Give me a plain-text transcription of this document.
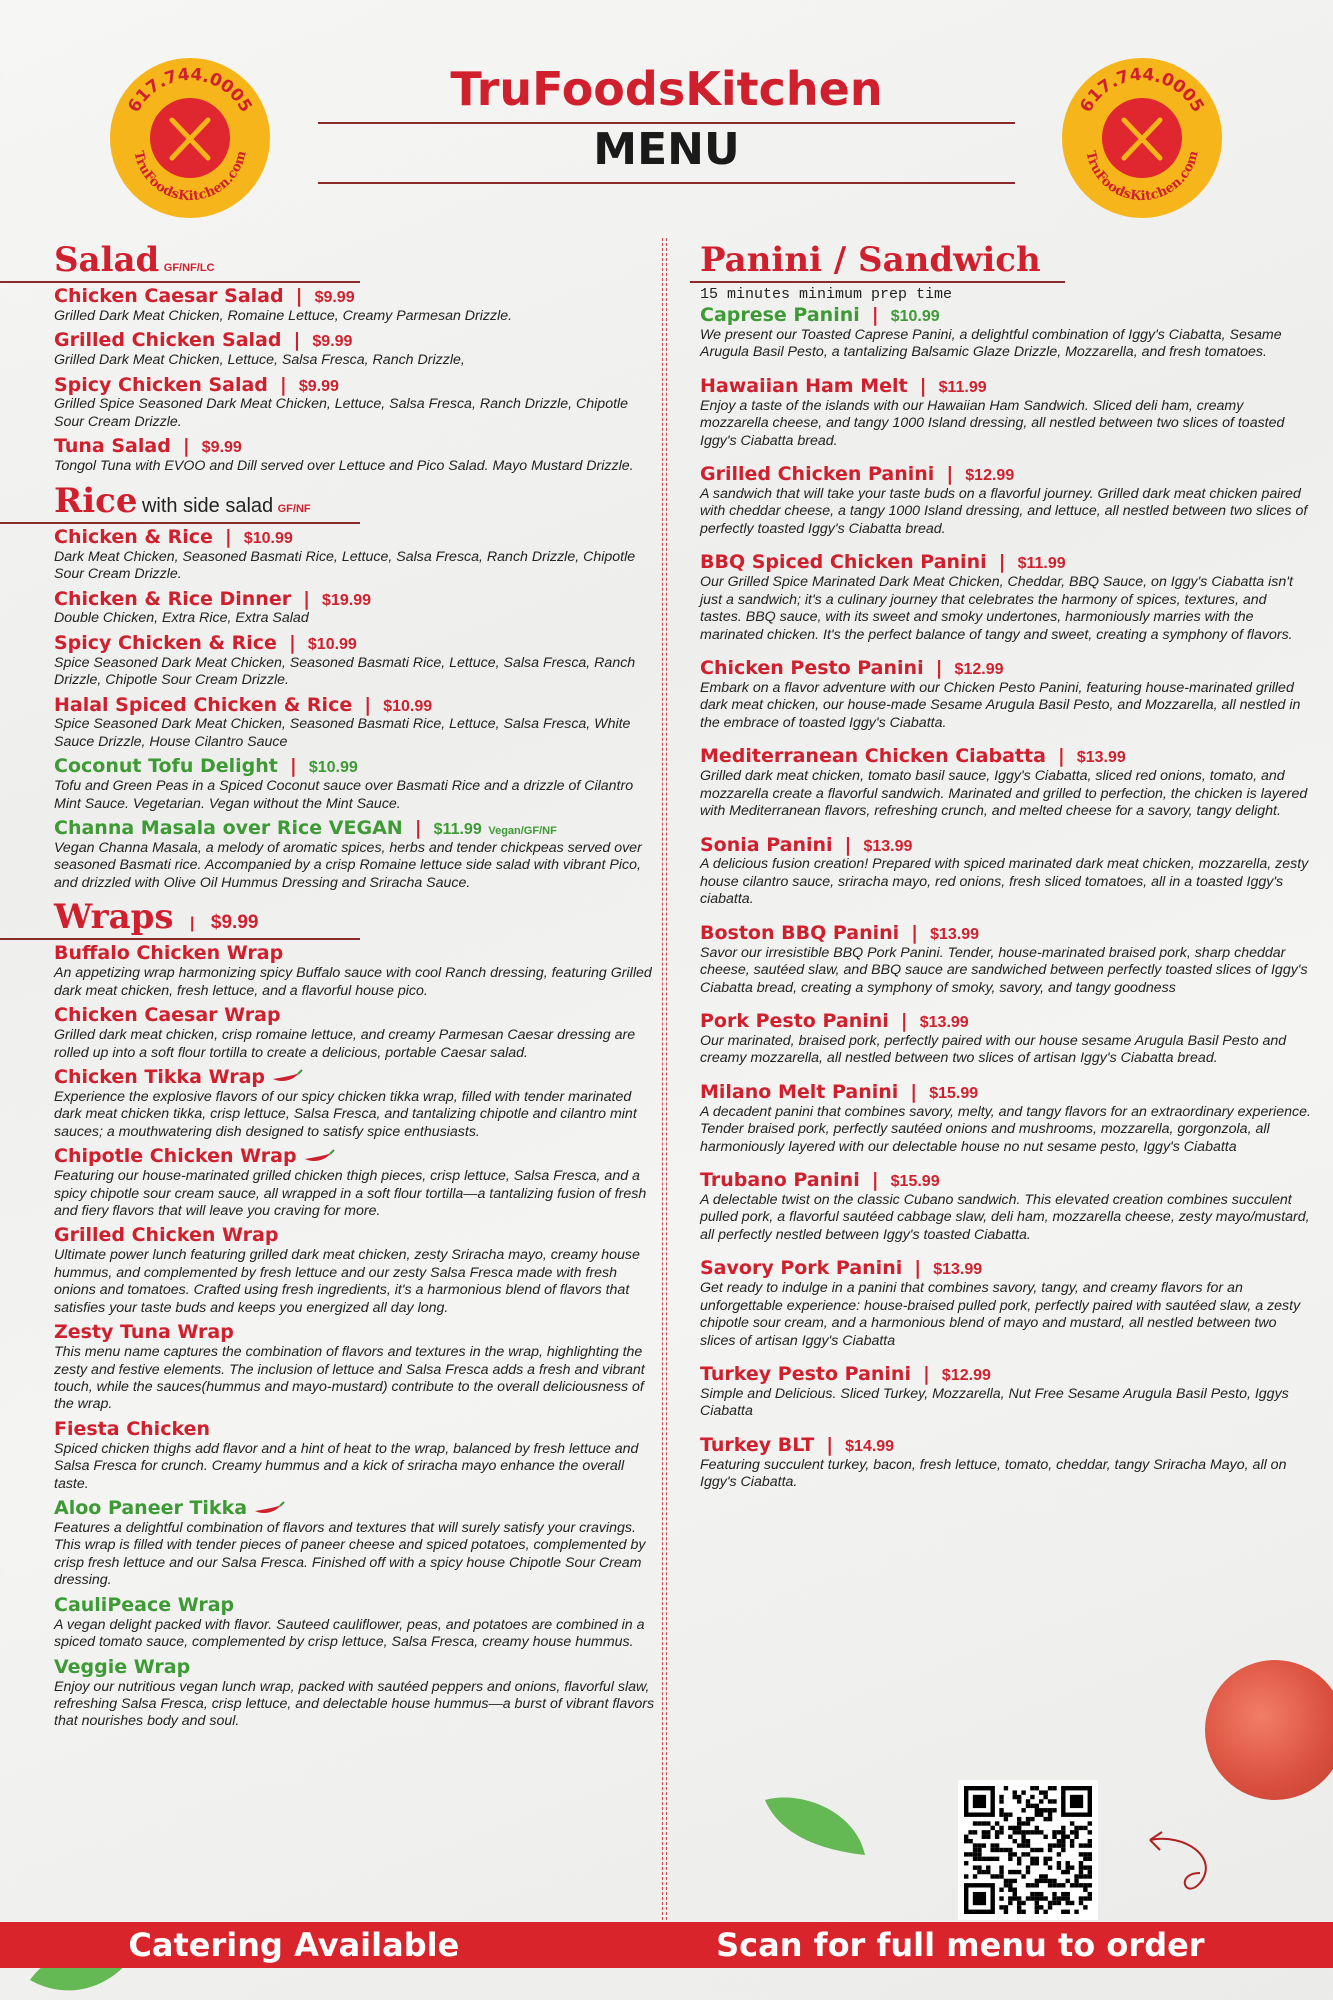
617.744.0005
TruFoodsKitchen.com
617.744.0005
TruFoodsKitchen.com
TruFoodsKitchen
MENU
Salad GF/NF/LC
Chicken Caesar Salad | $9.99
Grilled Dark Meat Chicken, Romaine Lettuce, Creamy Parmesan Drizzle.
Grilled Chicken Salad | $9.99
Grilled Dark Meat Chicken, Lettuce, Salsa Fresca, Ranch Drizzle,
Spicy Chicken Salad | $9.99
Grilled Spice Seasoned Dark Meat Chicken, Lettuce, Salsa Fresca, Ranch Drizzle, Chipotle Sour Cream Drizzle.
Tuna Salad | $9.99
Tongol Tuna with EVOO and Dill served over Lettuce and Pico Salad. Mayo Mustard Drizzle.
Rice with side salad GF/NF
Chicken & Rice | $10.99
Dark Meat Chicken, Seasoned Basmati Rice, Lettuce, Salsa Fresca, Ranch Drizzle, Chipotle Sour Cream Drizzle.
Chicken & Rice Dinner | $19.99
Double Chicken, Extra Rice, Extra Salad
Spicy Chicken & Rice | $10.99
Spice Seasoned Dark Meat Chicken, Seasoned Basmati Rice, Lettuce, Salsa Fresca, Ranch Drizzle, Chipotle Sour Cream Drizzle.
Halal Spiced Chicken & Rice | $10.99
Spice Seasoned Dark Meat Chicken, Seasoned Basmati Rice, Lettuce, Salsa Fresca, White Sauce Drizzle, House Cilantro Sauce
Coconut Tofu Delight | $10.99
Tofu and Green Peas in a Spiced Coconut sauce over Basmati Rice and a drizzle of Cilantro Mint Sauce. Vegetarian. Vegan without the Mint Sauce.
Channa Masala over Rice VEGAN | $11.99 Vegan/GF/NF
Vegan Channa Masala, a melody of aromatic spices, herbs and tender chickpeas served over seasoned Basmati rice. Accompanied by a crisp Romaine lettuce side salad with vibrant Pico, and drizzled with Olive Oil Hummus Dressing and Sriracha Sauce.
Wraps | $9.99
Buffalo Chicken Wrap
An appetizing wrap harmonizing spicy Buffalo sauce with cool Ranch dressing, featuring Grilled dark meat chicken, fresh lettuce, and a flavorful house pico.
Chicken Caesar Wrap
Grilled dark meat chicken, crisp romaine lettuce, and creamy Parmesan Caesar dressing are rolled up into a soft flour tortilla to create a delicious, portable Caesar salad.
Chicken Tikka Wrap
Experience the explosive flavors of our spicy chicken tikka wrap, filled with tender marinated dark meat chicken tikka, crisp lettuce, Salsa Fresca, and tantalizing chipotle and cilantro mint sauces; a mouthwatering dish designed to satisfy spice enthusiasts.
Chipotle Chicken Wrap
Featuring our house-marinated grilled chicken thigh pieces, crisp lettuce, Salsa Fresca, and a spicy chipotle sour cream sauce, all wrapped in a soft flour tortilla—a tantalizing fusion of fresh and fiery flavors that will leave you craving for more.
Grilled Chicken Wrap
Ultimate power lunch featuring grilled dark meat chicken, zesty Sriracha mayo, creamy house hummus, and complemented by fresh lettuce and our zesty Salsa Fresca made with fresh onions and tomatoes. Crafted using fresh ingredients, it's a harmonious blend of flavors that satisfies your taste buds and keeps you energized all day long.
Zesty Tuna Wrap
This menu name captures the combination of flavors and textures in the wrap, highlighting the zesty and festive elements. The inclusion of lettuce and Salsa Fresca adds a fresh and vibrant touch, while the sauces(hummus and mayo-mustard) contribute to the overall deliciousness of the wrap.
Fiesta Chicken
Spiced chicken thighs add flavor and a hint of heat to the wrap, balanced by fresh lettuce and Salsa Fresca for crunch. Creamy hummus and a kick of sriracha mayo enhance the overall taste.
Aloo Paneer Tikka
Features a delightful combination of flavors and textures that will surely satisfy your cravings. This wrap is filled with tender pieces of paneer cheese and spiced potatoes, complemented by crisp fresh lettuce and our Salsa Fresca. Finished off with a spicy house Chipotle Sour Cream dressing.
CauliPeace Wrap
A vegan delight packed with flavor. Sauteed cauliflower, peas, and potatoes are combined in a spiced tomato sauce, complemented by crisp lettuce, Salsa Fresca, creamy house hummus.
Veggie Wrap
Enjoy our nutritious vegan lunch wrap, packed with sautéed peppers and onions, flavorful slaw, refreshing Salsa Fresca, crisp lettuce, and delectable house hummus—a burst of vibrant flavors that nourishes body and soul.
Panini / Sandwich
15 minutes minimum prep time
Caprese Panini | $10.99
We present our Toasted Caprese Panini, a delightful combination of Iggy's Ciabatta, Sesame Arugula Basil Pesto, a tantalizing Balsamic Glaze Drizzle, Mozzarella, and fresh tomatoes.
Hawaiian Ham Melt | $11.99
Enjoy a taste of the islands with our Hawaiian Ham Sandwich. Sliced deli ham, creamy mozzarella cheese, and tangy 1000 Island dressing, all nestled between two slices of toasted Iggy's Ciabatta bread.
Grilled Chicken Panini | $12.99
A sandwich that will take your taste buds on a flavorful journey. Grilled dark meat chicken paired with cheddar cheese, a tangy 1000 Island dressing, and lettuce, all nestled between two slices of perfectly toasted Iggy's Ciabatta bread.
BBQ Spiced Chicken Panini | $11.99
Our Grilled Spice Marinated Dark Meat Chicken, Cheddar, BBQ Sauce, on Iggy's Ciabatta isn't just a sandwich; it's a culinary journey that celebrates the harmony of spices, textures, and tastes. BBQ sauce, with its sweet and smoky undertones, harmoniously marries with the marinated chicken. It's the perfect balance of tangy and sweet, creating a symphony of flavors.
Chicken Pesto Panini | $12.99
Embark on a flavor adventure with our Chicken Pesto Panini, featuring house-marinated grilled dark meat chicken, our house-made Sesame Arugula Basil Pesto, and Mozzarella, all nestled in the embrace of toasted Iggy's Ciabatta.
Mediterranean Chicken Ciabatta | $13.99
Grilled dark meat chicken, tomato basil sauce, Iggy's Ciabatta, sliced red onions, tomato, and mozzarella create a flavorful sandwich. Marinated and grilled to perfection, the chicken is layered with Mediterranean flavors, refreshing crunch, and melted cheese for a savory, tangy delight.
Sonia Panini | $13.99
A delicious fusion creation! Prepared with spiced marinated dark meat chicken, mozzarella, zesty house cilantro sauce, sriracha mayo, red onions, fresh sliced tomatoes, all in a toasted Iggy's ciabatta.
Boston BBQ Panini | $13.99
Savor our irresistible BBQ Pork Panini. Tender, house-marinated braised pork, sharp cheddar cheese, sautéed slaw, and BBQ sauce are sandwiched between perfectly toasted slices of Iggy's Ciabatta bread, creating a symphony of smoky, savory, and tangy goodness
Pork Pesto Panini | $13.99
Our marinated, braised pork, perfectly paired with our house sesame Arugula Basil Pesto and creamy mozzarella, all nestled between two slices of artisan Iggy's Ciabatta bread.
Milano Melt Panini | $15.99
A decadent panini that combines savory, melty, and tangy flavors for an extraordinary experience. Tender braised pork, perfectly sautéed onions and mushrooms, mozzarella, gorgonzola, all harmoniously layered with our delectable house no nut sesame pesto, Iggy's Ciabatta
Trubano Panini | $15.99
A delectable twist on the classic Cubano sandwich. This elevated creation combines succulent pulled pork, a flavorful sautéed cabbage slaw, deli ham, mozzarella cheese, zesty mayo/mustard, all perfectly nestled between Iggy's toasted Ciabatta.
Savory Pork Panini | $13.99
Get ready to indulge in a panini that combines savory, tangy, and creamy flavors for an unforgettable experience: house-braised pulled pork, perfectly paired with sautéed slaw, a zesty chipotle sour cream, and a harmonious blend of mayo and mustard, all nestled between two slices of artisan Iggy's Ciabatta
Turkey Pesto Panini | $12.99
Simple and Delicious. Sliced Turkey, Mozzarella, Nut Free Sesame Arugula Basil Pesto, Iggys Ciabatta
Turkey BLT | $14.99
Featuring succulent turkey, bacon, fresh lettuce, tomato, cheddar, tangy Sriracha Mayo, all on Iggy's Ciabatta.
Catering Available	Scan for full menu to order
